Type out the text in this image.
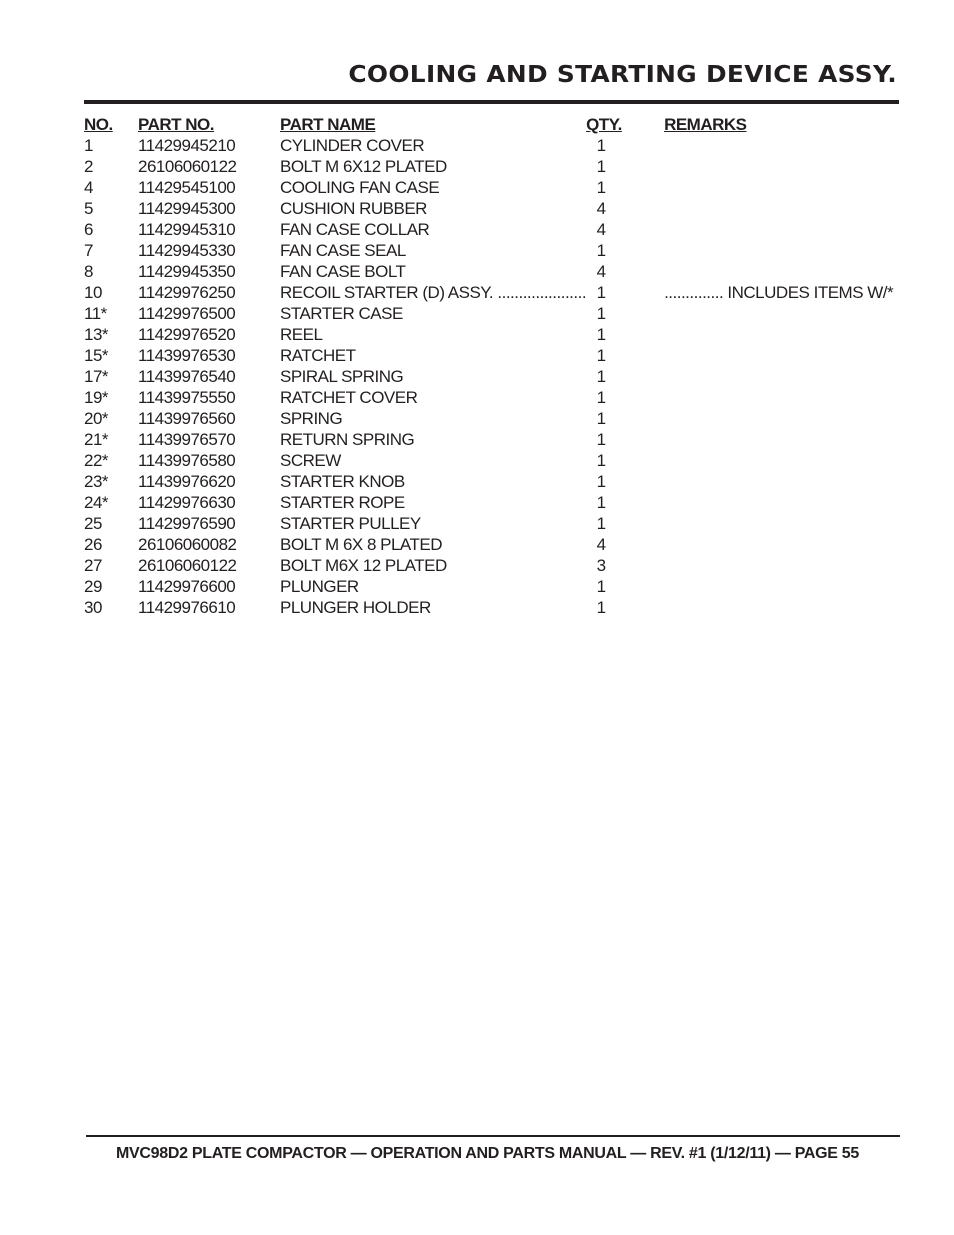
COOLING AND STARTING DEVICE ASSY.
NO.	PART NO.	PART NAME	QTY.	REMARKS
1	11429945210	CYLINDER COVER	1	
2	26106060122	BOLT M 6X12 PLATED	1	
4	11429545100	COOLING FAN CASE	1	
5	11429945300	CUSHION RUBBER	4	
6	11429945310	FAN CASE COLLAR	4	
7	11429945330	FAN CASE SEAL	1	
8	11429945350	FAN CASE BOLT	4	
10	11429976250	RECOIL STARTER (D) ASSY. .....................	1	.............. INCLUDES ITEMS W/*
11*	11429976500	STARTER CASE	1	
13*	11429976520	REEL	1	
15*	11439976530	RATCHET	1	
17*	11439976540	SPIRAL SPRING	1	
19*	11439975550	RATCHET COVER	1	
20*	11439976560	SPRING	1	
21*	11439976570	RETURN SPRING	1	
22*	11439976580	SCREW	1	
23*	11439976620	STARTER KNOB	1	
24*	11429976630	STARTER ROPE	1	
25	11429976590	STARTER PULLEY	1	
26	26106060082	BOLT M 6X 8 PLATED	4	
27	26106060122	BOLT M6X 12 PLATED	3	
29	11429976600	PLUNGER	1	
30	11429976610	PLUNGER HOLDER	1	
MVC98D2 PLATE COMPACTOR — OPERATION AND PARTS MANUAL — REV. #1 (1/12/11) — PAGE 55
